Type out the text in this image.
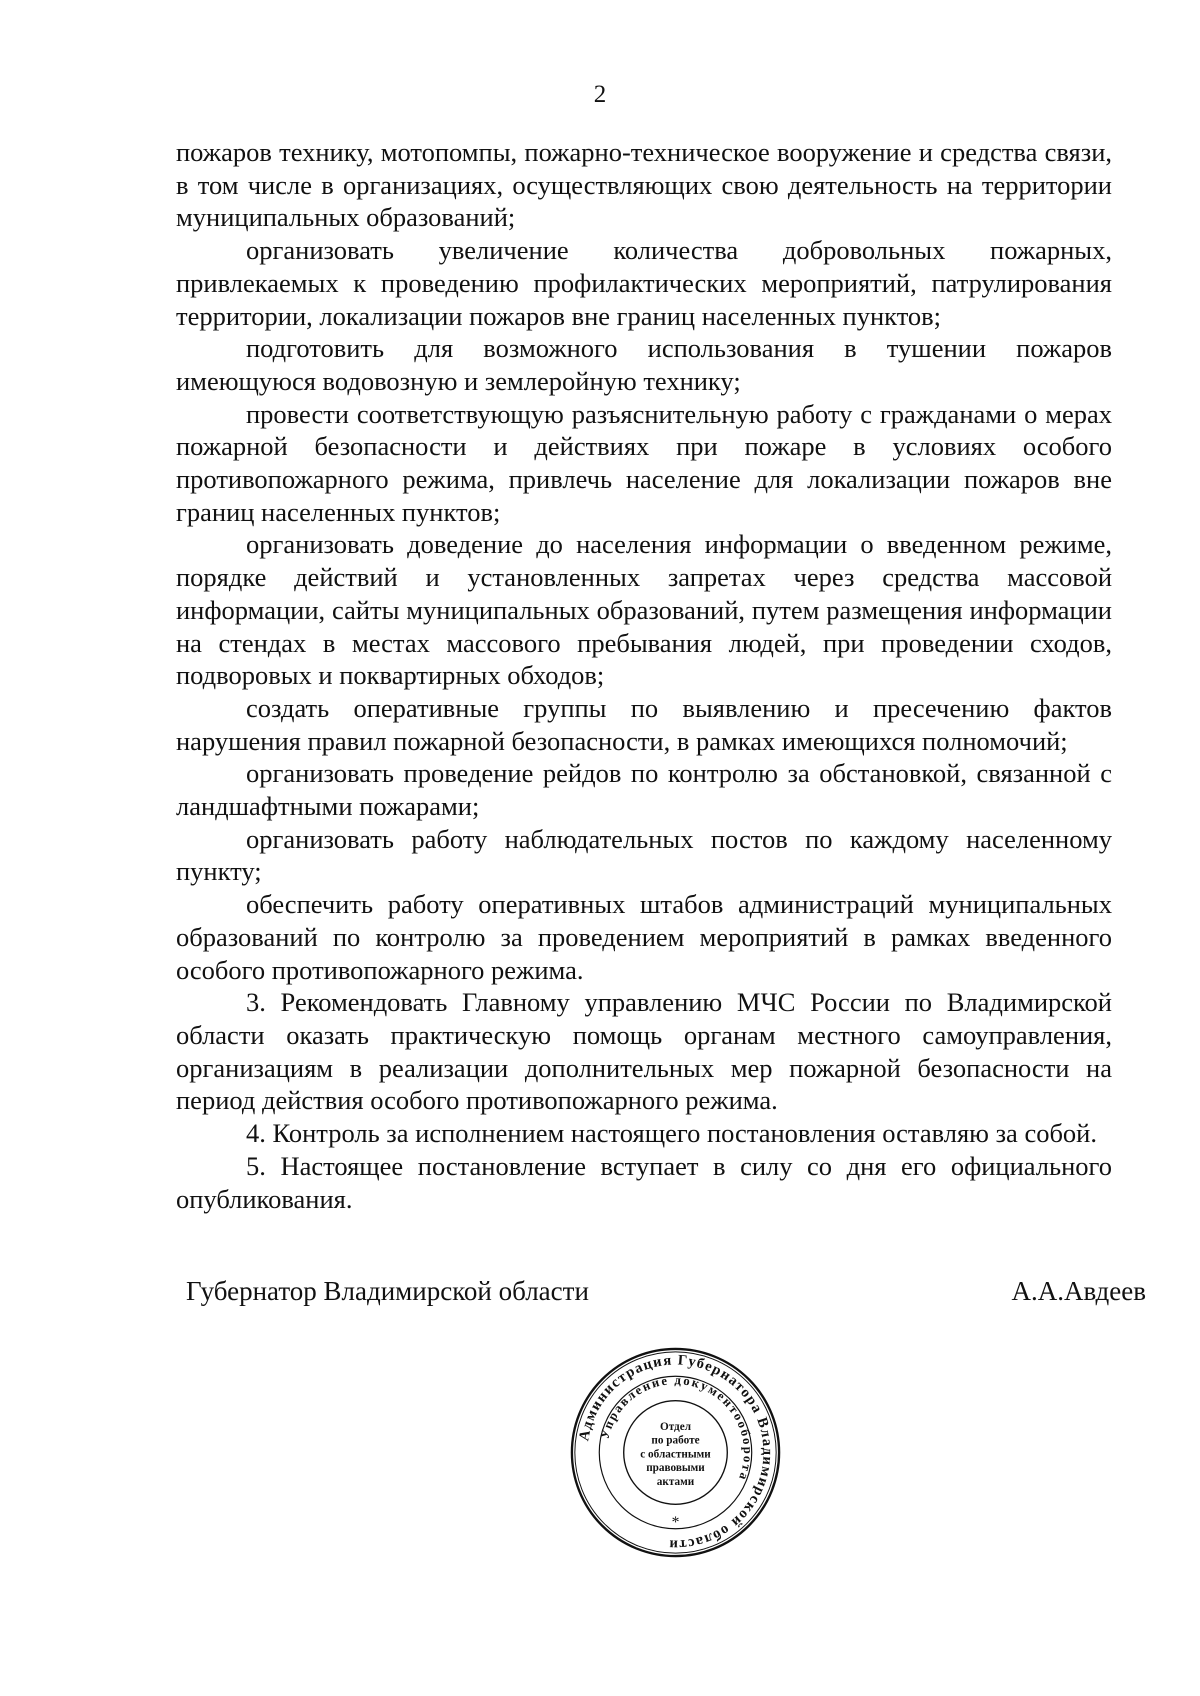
2

пожаров технику, мотопомпы, пожарно-техническое вооружение и средства связи, в том числе в организациях, осуществляющих свою деятельность на территории муниципальных образований;

организовать увеличение количества добровольных пожарных, привлекаемых к проведению профилактических мероприятий, патрулирования территории, локализации пожаров вне границ населенных пунктов;

подготовить для возможного использования в тушении пожаров имеющуюся водовозную и землеройную технику;

провести соответствующую разъяснительную работу с гражданами о мерах пожарной безопасности и действиях при пожаре в условиях особого противопожарного режима, привлечь население для локализации пожаров вне границ населенных пунктов;

организовать доведение до населения информации о введенном режиме, порядке действий и установленных запретах через средства массовой информации, сайты муниципальных образований, путем размещения информации на стендах в местах массового пребывания людей, при проведении сходов, подворовых и поквартирных обходов;

создать оперативные группы по выявлению и пресечению фактов нарушения правил пожарной безопасности, в рамках имеющихся полномочий;

организовать проведение рейдов по контролю за обстановкой, связанной с ландшафтными пожарами;

организовать работу наблюдательных постов по каждому населенному пункту;

обеспечить работу оперативных штабов администраций муниципальных образований по контролю за проведением мероприятий в рамках введенного особого противопожарного режима.

3. Рекомендовать Главному управлению МЧС России по Владимирской области оказать практическую помощь органам местного самоуправления, организациям в реализации дополнительных мер пожарной безопасности на период действия особого противопожарного режима.

4. Контроль за исполнением настоящего постановления оставляю за собой.

5. Настоящее постановление вступает в силу со дня его официального опубликования.

Губернатор Владимирской области	А.А.Авдеев
Администрация Губернатора Владимирской области
Управление документооборота
*
Отдел
по работе
с областными
правовыми
актами
